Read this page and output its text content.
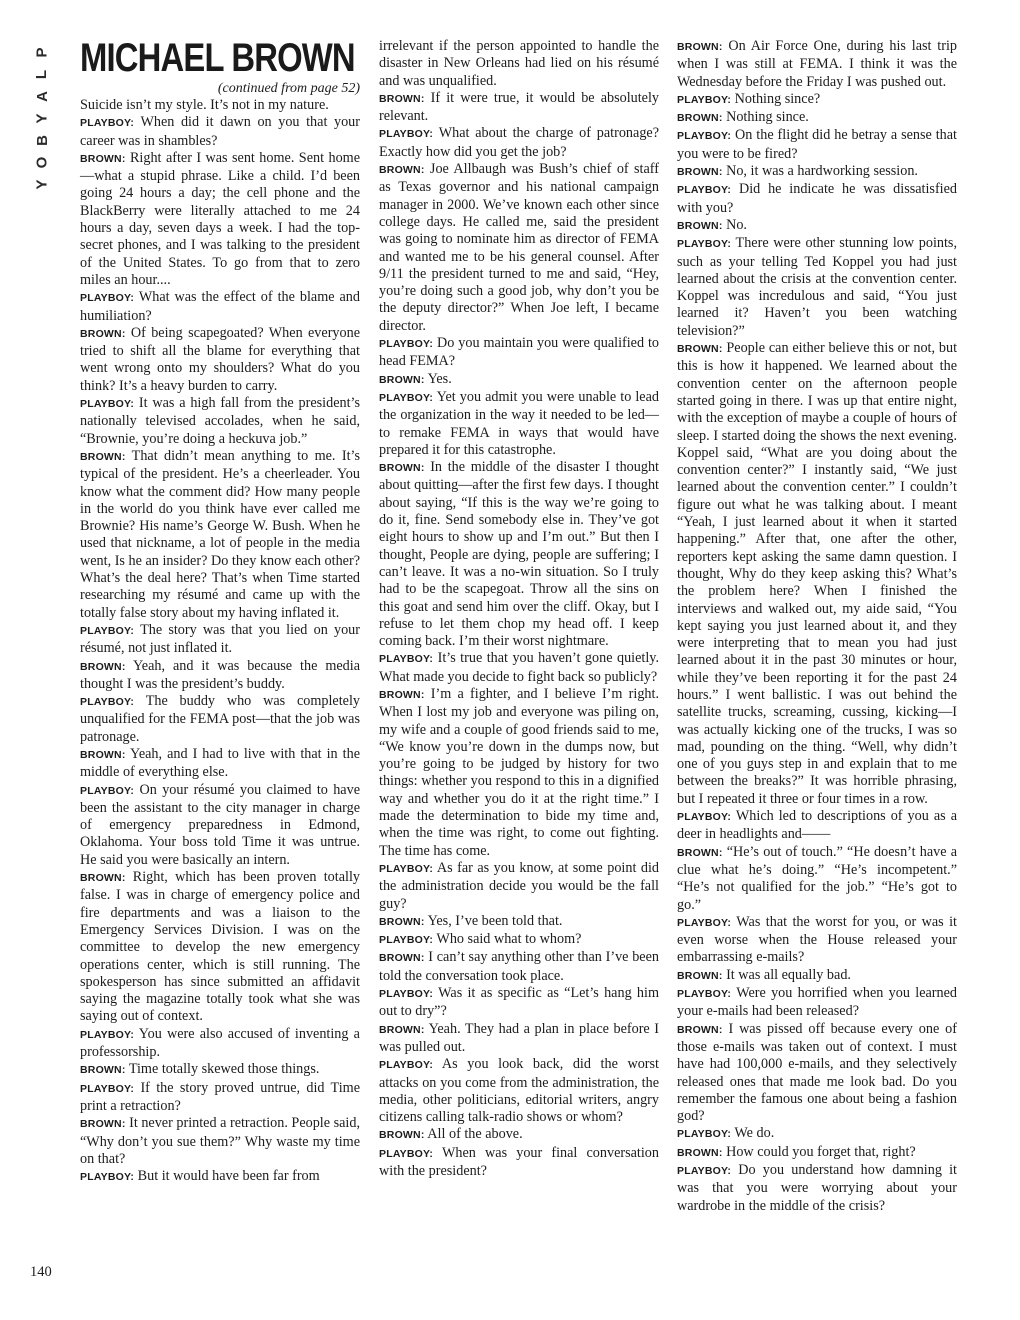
P
L
A
Y
B
O
Y
MICHAEL BROWN

(continued from page 52)

Suicide isn’t my style. It’s not in my nature.

PLAYBOY: When did it dawn on you that your career was in shambles?

BROWN: Right after I was sent home. Sent home—what a stupid phrase. Like a child. I’d been going 24 hours a day; the cell phone and the BlackBerry were literally attached to me 24 hours a day, seven days a week. I had the top-secret phones, and I was talking to the president of the United States. To go from that to zero miles an hour....

PLAYBOY: What was the effect of the blame and humiliation?

BROWN: Of being scapegoated? When everyone tried to shift all the blame for everything that went wrong onto my shoulders? What do you think? It’s a heavy burden to carry.

PLAYBOY: It was a high fall from the president’s nationally televised accolades, when he said, “Brownie, you’re doing a heckuva job.”

BROWN: That didn’t mean anything to me. It’s typical of the president. He’s a cheerleader. You know what the comment did? How many people in the world do you think have ever called me Brownie? His name’s George W. Bush. When he used that nickname, a lot of people in the media went, Is he an insider? Do they know each other? What’s the deal here? That’s when Time started researching my résumé and came up with the totally false story about my having inflated it.

PLAYBOY: The story was that you lied on your résumé, not just inflated it.

BROWN: Yeah, and it was because the media thought I was the president’s buddy.

PLAYBOY: The buddy who was completely unqualified for the FEMA post—that the job was patronage.

BROWN: Yeah, and I had to live with that in the middle of everything else.

PLAYBOY: On your résumé you claimed to have been the assistant to the city manager in charge of emergency preparedness in Edmond, Oklahoma. Your boss told Time it was untrue. He said you were basically an intern.

BROWN: Right, which has been proven totally false. I was in charge of emergency police and fire departments and was a liaison to the Emergency Services Division. I was on the committee to develop the new emergency operations center, which is still running. The spokesperson has since submitted an affidavit saying the magazine totally took what she was saying out of context.

PLAYBOY: You were also accused of inventing a professorship.

BROWN: Time totally skewed those things.

PLAYBOY: If the story proved untrue, did Time print a retraction?

BROWN: It never printed a retraction. People said, “Why don’t you sue them?” Why waste my time on that?

PLAYBOY: But it would have been far from

irrelevant if the person appointed to handle the disaster in New Orleans had lied on his résumé and was unqualified.

BROWN: If it were true, it would be absolutely relevant.

PLAYBOY: What about the charge of patronage? Exactly how did you get the job?

BROWN: Joe Allbaugh was Bush’s chief of staff as Texas governor and his national campaign manager in 2000. We’ve known each other since college days. He called me, said the president was going to nominate him as director of FEMA and wanted me to be his general counsel. After 9/11 the president turned to me and said, “Hey, you’re doing such a good job, why don’t you be the deputy director?” When Joe left, I became director.

PLAYBOY: Do you maintain you were qualified to head FEMA?

BROWN: Yes.

PLAYBOY: Yet you admit you were unable to lead the organization in the way it needed to be led—to remake FEMA in ways that would have prepared it for this catastrophe.

BROWN: In the middle of the disaster I thought about quitting—after the first few days. I thought about saying, “If this is the way we’re going to do it, fine. Send somebody else in. They’ve got eight hours to show up and I’m out.” But then I thought, People are dying, people are suffering; I can’t leave. It was a no-win situation. So I truly had to be the scapegoat. Throw all the sins on this goat and send him over the cliff. Okay, but I refuse to let them chop my head off. I keep coming back. I’m their worst nightmare.

PLAYBOY: It’s true that you haven’t gone quietly. What made you decide to fight back so publicly?

BROWN: I’m a fighter, and I believe I’m right. When I lost my job and everyone was piling on, my wife and a couple of good friends said to me, “We know you’re down in the dumps now, but you’re going to be judged by history for two things: whether you respond to this in a dignified way and whether you do it at the right time.” I made the determination to bide my time and, when the time was right, to come out fighting. The time has come.

PLAYBOY: As far as you know, at some point did the administration decide you would be the fall guy?

BROWN: Yes, I’ve been told that.

PLAYBOY: Who said what to whom?

BROWN: I can’t say anything other than I’ve been told the conversation took place.

PLAYBOY: Was it as specific as “Let’s hang him out to dry”?

BROWN: Yeah. They had a plan in place before I was pulled out.

PLAYBOY: As you look back, did the worst attacks on you come from the administration, the media, other politicians, editorial writers, angry citizens calling talk-radio shows or whom?

BROWN: All of the above.

PLAYBOY: When was your final conversation with the president?

BROWN: On Air Force One, during his last trip when I was still at FEMA. I think it was the Wednesday before the Friday I was pushed out.

PLAYBOY: Nothing since?

BROWN: Nothing since.

PLAYBOY: On the flight did he betray a sense that you were to be fired?

BROWN: No, it was a hardworking session.

PLAYBOY: Did he indicate he was dissatisfied with you?

BROWN: No.

PLAYBOY: There were other stunning low points, such as your telling Ted Koppel you had just learned about the crisis at the convention center. Koppel was incredulous and said, “You just learned it? Haven’t you been watching television?”

BROWN: People can either believe this or not, but this is how it happened. We learned about the convention center on the afternoon people started going in there. I was up that entire night, with the exception of maybe a couple of hours of sleep. I started doing the shows the next evening. Koppel said, “What are you doing about the convention center?” I instantly said, “We just learned about the convention center.” I couldn’t figure out what he was talking about. I meant “Yeah, I just learned about it when it started happening.” After that, one after the other, reporters kept asking the same damn question. I thought, Why do they keep asking this? What’s the problem here? When I finished the interviews and walked out, my aide said, “You kept saying you just learned about it, and they were interpreting that to mean you had just learned about it in the past 30 minutes or hour, while they’ve been reporting it for the past 24 hours.” I went ballistic. I was out behind the satellite trucks, screaming, cussing, kicking—I was actually kicking one of the trucks, I was so mad, pounding on the thing. “Well, why didn’t one of you guys step in and explain that to me between the breaks?” It was horrible phrasing, but I repeated it three or four times in a row.

PLAYBOY: Which led to descriptions of you as a deer in headlights and——

BROWN: “He’s out of touch.” “He doesn’t have a clue what he’s doing.” “He’s incompetent.” “He’s not qualified for the job.” “He’s got to go.”

PLAYBOY: Was that the worst for you, or was it even worse when the House released your embarrassing e-mails?

BROWN: It was all equally bad.

PLAYBOY: Were you horrified when you learned your e-mails had been released?

BROWN: I was pissed off because every one of those e-mails was taken out of context. I must have had 100,000 e-mails, and they selectively released ones that made me look bad. Do you remember the famous one about being a fashion god?

PLAYBOY: We do.

BROWN: How could you forget that, right?

PLAYBOY: Do you understand how damning it was that you were worrying about your wardrobe in the middle of the crisis?

140
